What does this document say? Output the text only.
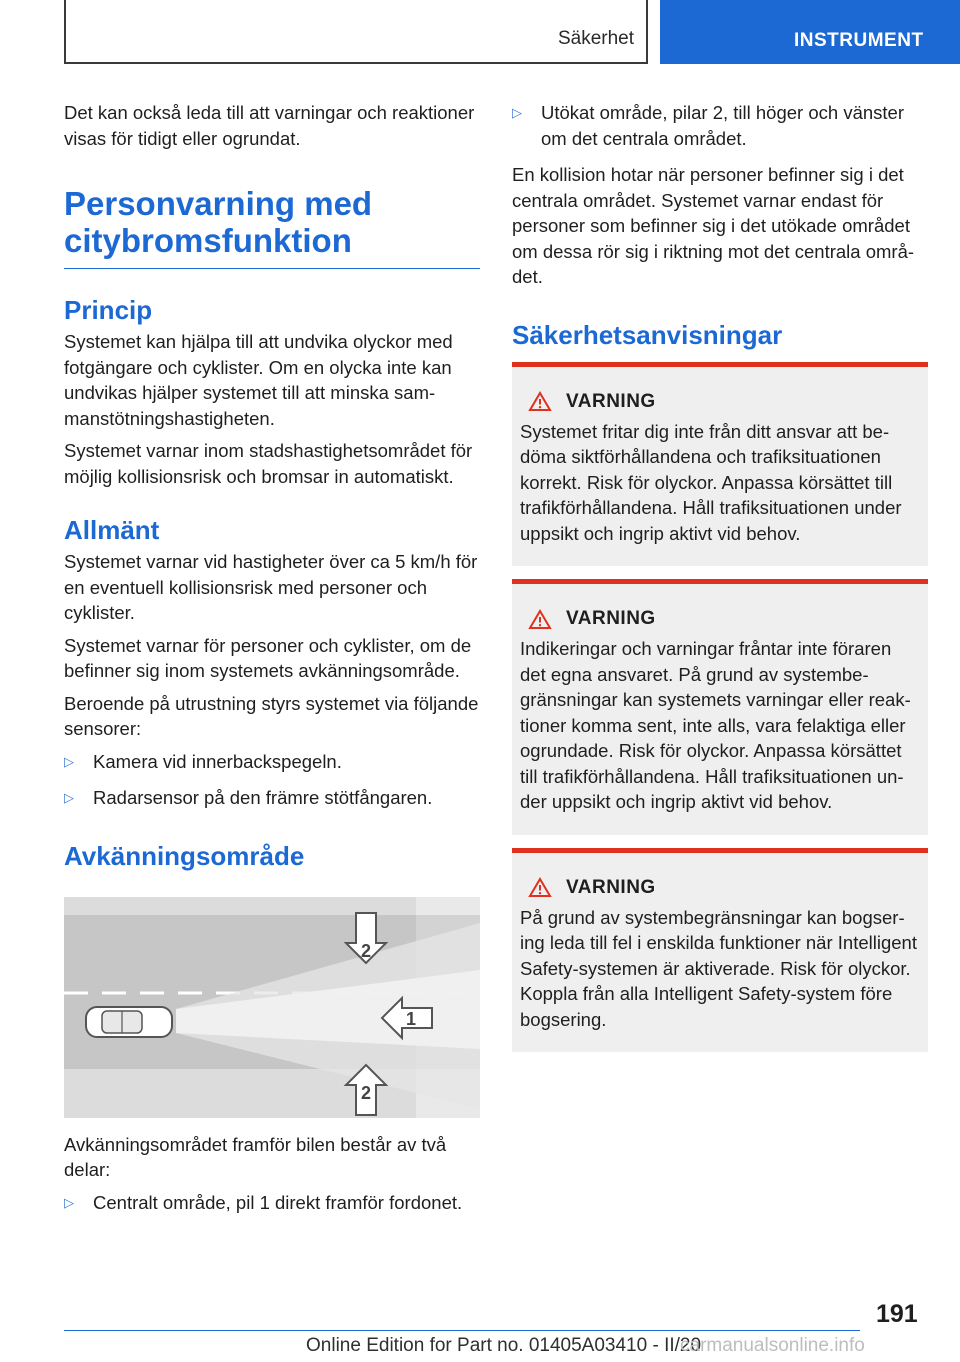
Säkerhet	INSTRUMENT

Det kan också leda till att varningar och reaktioner visas för tidigt eller ogrundat.

Personvarning med citybromsfunktion
Princip

Systemet kan hjälpa till att undvika olyckor med fotgängare och cyklister. Om en olycka inte kan undvikas hjälper systemet till att minska sammanstötningshastigheten.

Systemet varnar inom stadshastighetsområdet för möjlig kollisionsrisk och bromsar in automatiskt.

Allmänt

Systemet varnar vid hastigheter över ca 5 km/h för en eventuell kollisionsrisk med personer och cyklister.

Systemet varnar för personer och cyklister, om de befinner sig inom systemets avkänningsområde.

Beroende på utrustning styrs systemet via följande sensorer:

▷ Kamera vid innerbackspegeln.
▷ Radarsensor på den främre stötfångaren.
Avkänningsområde
2
1
2

Avkänningsområdet framför bilen består av två delar:

▷ Centralt område, pil 1 direkt framför fordonet.
▷ Utökat område, pilar 2, till höger och vänster om det centrala området.

En kollision hotar när personer befinner sig i det centrala området. Systemet varnar endast för personer som befinner sig i det utökade området om dessa rör sig i riktning mot det centrala området.

Säkerhetsanvisningar
VARNING

Systemet fritar dig inte från ditt ansvar att bedöma siktförhållandena och trafiksituationen korrekt. Risk för olyckor. Anpassa körsättet till trafikförhållandena. Håll trafiksituationen under uppsikt och ingrip aktivt vid behov.

VARNING

Indikeringar och varningar fråntar inte föraren det egna ansvaret. På grund av systembegränsningar kan systemets varningar eller reaktioner komma sent, inte alls, vara felaktiga eller ogrundade. Risk för olyckor. Anpassa körsättet till trafikförhållandena. Håll trafiksituationen under uppsikt och ingrip aktivt vid behov.

VARNING

På grund av systembegränsningar kan bogsering leda till fel i enskilda funktioner när Intelligent Safety-systemen är aktiverade. Risk för olyckor. Koppla från alla Intelligent Safety-system före bogsering.

191
Online Edition for Part no. 01405A03410 - II/20
carmanualsonline.info
